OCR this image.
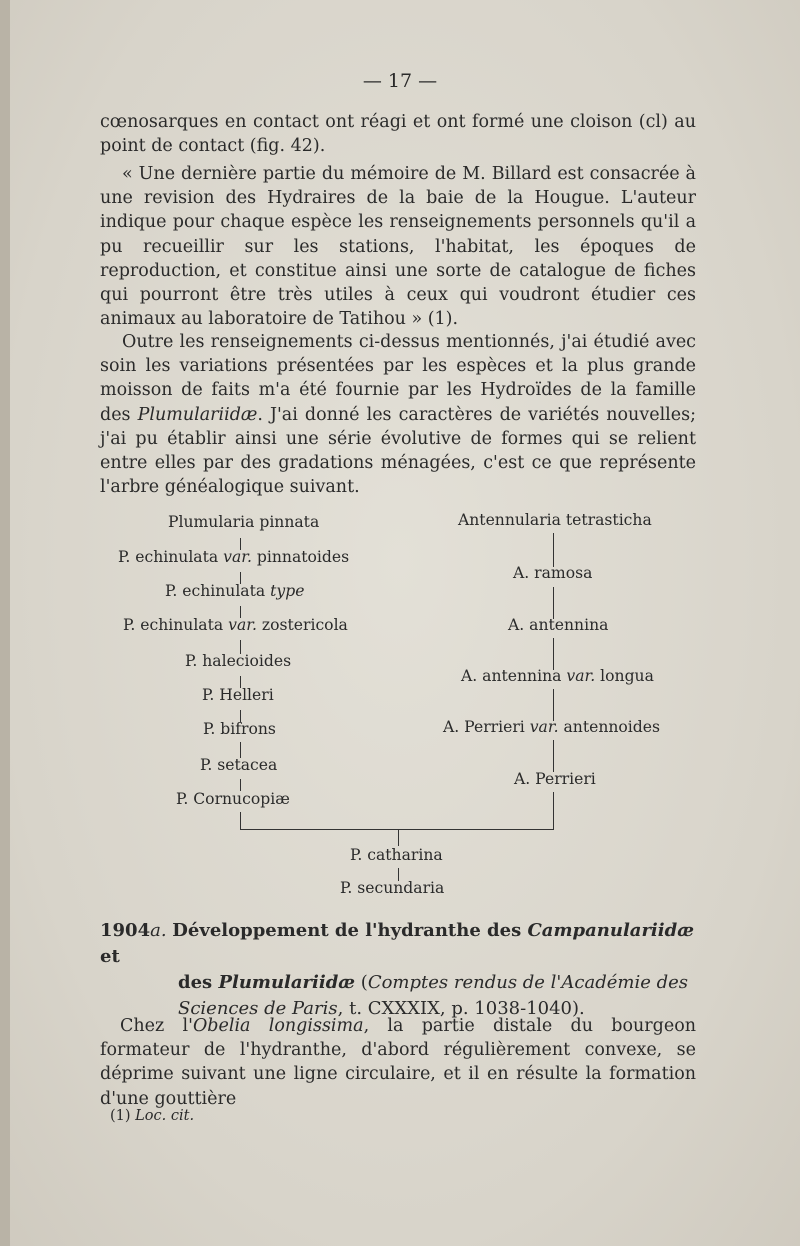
— 17 —

cœnosarques en contact ont réagi et ont formé une cloison (cl) au point de contact (fig. 42).

« Une dernière partie du mémoire de M. Billard est consacrée à une revision des Hydraires de la baie de la Hougue. L'auteur indique pour chaque espèce les renseignements personnels qu'il a pu recueillir sur les stations, l'habitat, les époques de reproduction, et constitue ainsi une sorte de catalogue de fiches qui pourront être très utiles à ceux qui voudront étudier ces animaux au laboratoire de Tatihou » (1).

Outre les renseignements ci-dessus mentionnés, j'ai étudié avec soin les variations présentées par les espèces et la plus grande moisson de faits m'a été fournie par les Hydroïdes de la famille des Plumulariidæ. J'ai donné les caractères de variétés nouvelles; j'ai pu établir ainsi une série évolutive de formes qui se relient entre elles par des gradations ménagées, c'est ce que représente l'arbre généalogique suivant.

Plumularia pinnata
P. echinulata var. pinnatoides
P. echinulata type
P. echinulata var. zostericola
P. halecioides
P. Helleri
P. bifrons
P. setacea
P. Cornucopiæ
Antennularia tetrasticha
A. ramosa
A. antennina
A. antennina var. longua
A. Perrieri var. antennoides
A. Perrieri
P. catharina
P. secundaria
1904a. Développement de l'hydranthe des Campanulariidæ et
des Plumulariidæ (Comptes rendus de l'Académie des Sciences de Paris, t. CXXXIX, p. 1038-1040).

Chez l'Obelia longissima, la partie distale du bourgeon formateur de l'hydranthe, d'abord régulièrement convexe, se déprime suivant une ligne circulaire, et il en résulte la formation d'une gouttière

(1) Loc. cit.
